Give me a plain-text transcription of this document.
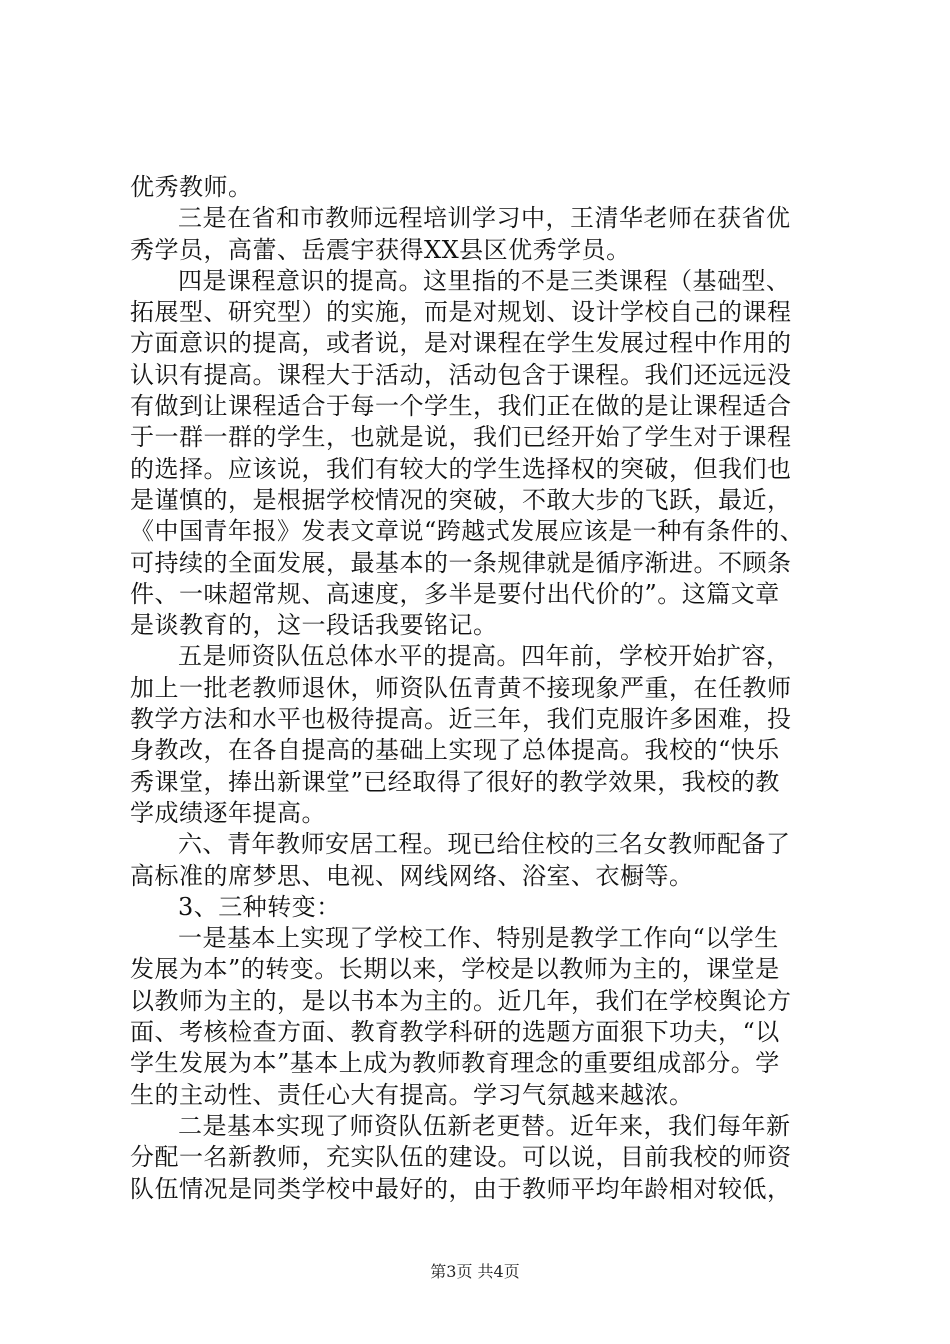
优秀教师。
三是在省和市教师远程培训学习中，王清华老师在获省优
秀学员，高蕾、岳震宇获得XX县区优秀学员。
四是课程意识的提高。这里指的不是三类课程（基础型、
拓展型、研究型）的实施，而是对规划、设计学校自己的课程
方面意识的提高，或者说，是对课程在学生发展过程中作用的
认识有提高。课程大于活动，活动包含于课程。我们还远远没
有做到让课程适合于每一个学生，我们正在做的是让课程适合
于一群一群的学生，也就是说，我们已经开始了学生对于课程
的选择。应该说，我们有较大的学生选择权的突破，但我们也
是谨慎的，是根据学校情况的突破，不敢大步的飞跃，最近，
《中国青年报》发表文章说“跨越式发展应该是一种有条件的、
可持续的全面发展，最基本的一条规律就是循序渐进。不顾条
件、一味超常规、高速度，多半是要付出代价的”。这篇文章
是谈教育的，这一段话我要铭记。
五是师资队伍总体水平的提高。四年前，学校开始扩容，
加上一批老教师退休，师资队伍青黄不接现象严重，在任教师
教学方法和水平也极待提高。近三年，我们克服许多困难，投
身教改，在各自提高的基础上实现了总体提高。我校的“快乐
秀课堂，捧出新课堂”已经取得了很好的教学效果，我校的教
学成绩逐年提高。
六、青年教师安居工程。现已给住校的三名女教师配备了
高标准的席梦思、电视、网线网络、浴室、衣橱等。
3、三种转变：
一是基本上实现了学校工作、特别是教学工作向“以学生
发展为本”的转变。长期以来，学校是以教师为主的，课堂是
以教师为主的，是以书本为主的。近几年，我们在学校舆论方
面、考核检查方面、教育教学科研的选题方面狠下功夫，“以
学生发展为本”基本上成为教师教育理念的重要组成部分。学
生的主动性、责任心大有提高。学习气氛越来越浓。
二是基本实现了师资队伍新老更替。近年来，我们每年新
分配一名新教师，充实队伍的建设。可以说，目前我校的师资
队伍情况是同类学校中最好的，由于教师平均年龄相对较低，
第3页 共4页
